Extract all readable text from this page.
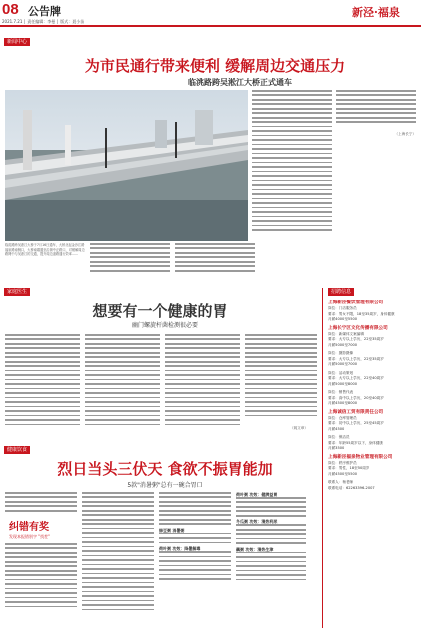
08 公告牌
2021.7.21 │ 责任编辑：李曼 │ 版式：聂小苗
新泾·福泉
新闻中心
为市民通行带来便利 缓解周边交通压力
临洮路跨吴淞江大桥正式通车
（上海长宁）
临洮路跨吴淞江大桥于7月16日通车，大桥北起金沙江路福泉路南侧口，大桥南端通至沿街中正路口，对缓解周边路网中与吴淞江的交通，提升周边道路通行效率……
家庭医生
想要有一个健康的胃
幽门螺旋杆菌检测很必要
（姚文章）
健康饮食
烈日当头三伏天 食欲不振胃能加
5款"消暑粥"总有一碗合胃口
纠错有奖
发现本报错别字 "找茬"
绿豆粥 消暑粥
荷叶粥 功效：降暑解毒
荷叶粥 功效：健脾益胃
冬瓜粥 功效：清热利尿
藕粥 功效：清热生津
招聘信息
上海新泾餐饮管理有限公司
岗位：门店服务员
要求：男女不限，18至35周岁，身体健康
月薪4000至5500
上海长宁区文化传播有限公司
岗位：新媒体文案编辑
要求：大专以上学历，22至35周岁
月薪5000至7000
岗位：摄影摄像
要求：大专以上学历，22至35周岁
月薪5000至7000
岗位：活动策划
要求：大专以上学历，22至40周岁
月薪5000至8000
岗位：销售代表
要求：高中以上学历，20至40周岁
月薪4500至8000
上海诚信工贸有限责任公司
岗位：仓库管理员
要求：初中以上学历，25至45周岁
月薪4500
岗位：保洁员
要求：年龄55周岁以下，身体健康
月薪3500
上海新泾福泉物业管理有限公司
岗位：秩序维护员
要求：男性，18至50周岁
月薪4500至5500
联系人：杨老师
联系电话：62263396-2007
